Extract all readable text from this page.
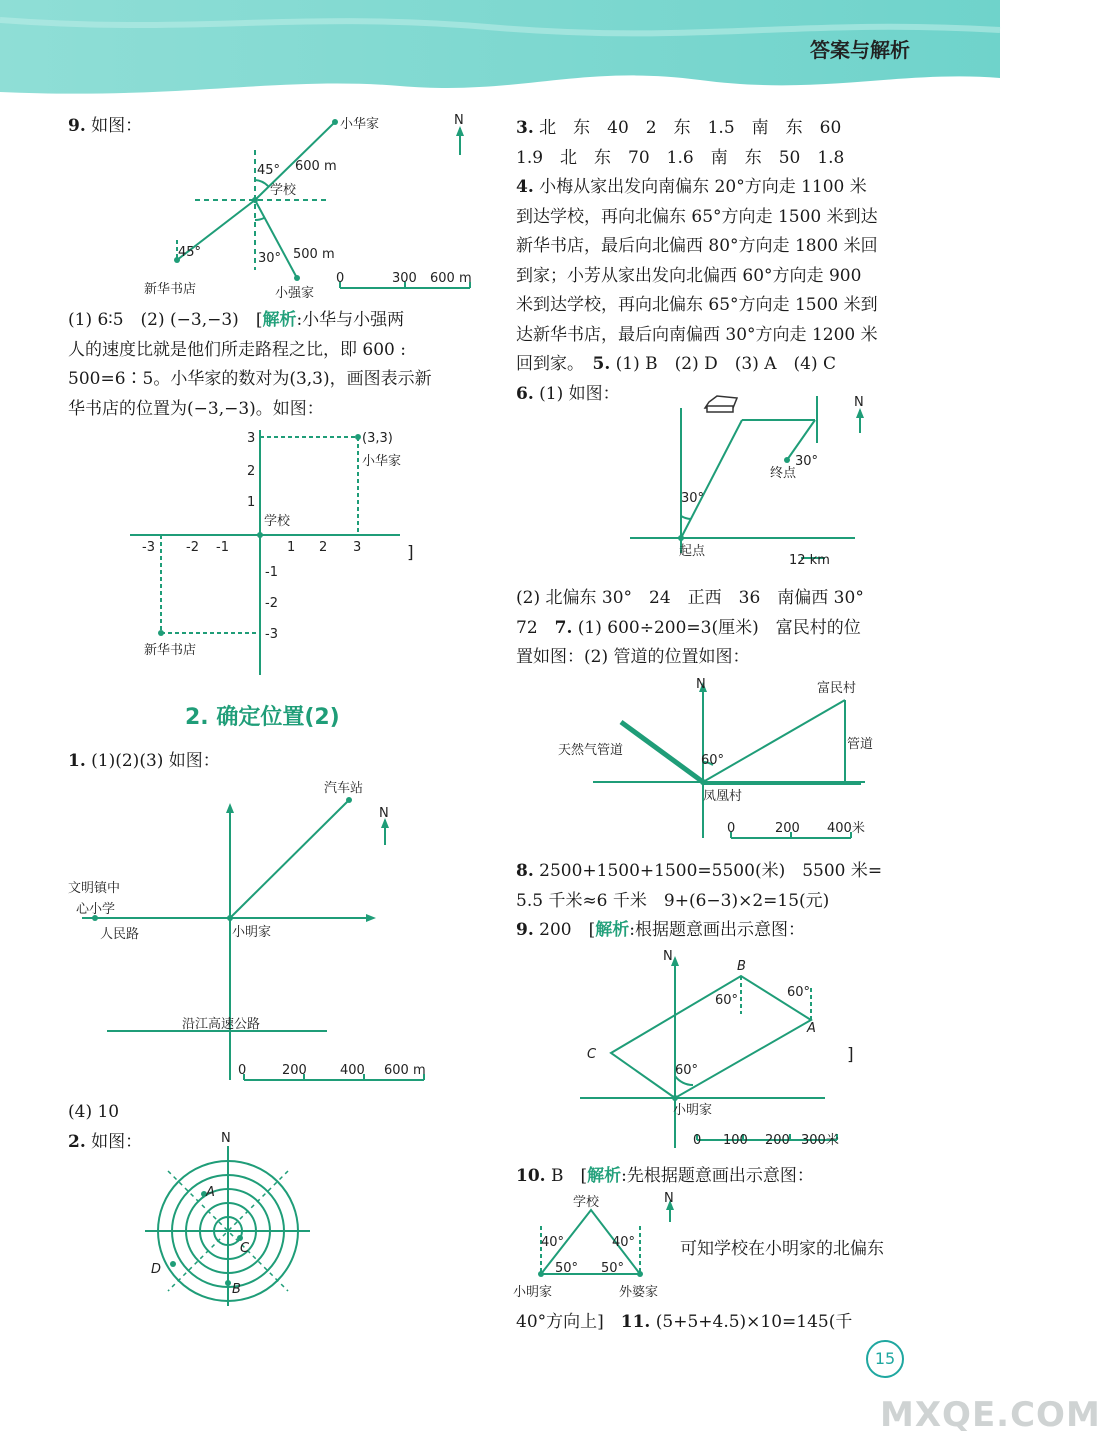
答案与解析

9. 如图：	小华家
600 m
45°
学校
45°	30° 500 m
新华书店	小强家
N
0	300 600 m

(1) 6∶5　(2) (−3,−3)　[解析:小华与小强两

人的速度比就是他们所走路程之比，即 600 :

500=6∶5。小华家的数对为(3,3)，画图表示新

华书店的位置为(−3,−3)。如图：

3
2
1
(3,3)
小华家
学校
-3 -2 -1	1 2 3
-1
-2
-3
新华书店
]
2. 确定位置(2)

1. (1)(2)(3) 如图：

汽车站
N
文明镇中
心小学
人民路	小明家
沿江高速公路
0	200	400 600 m

(4) 10

2. 如图：	N
A
C
D
B

3. 北　东　40　2　东　1.5　南　东　60

1.9　北　东　70　1.6　南　东　50　1.8

4. 小梅从家出发向南偏东 20°方向走 1100 米

到达学校，再向北偏东 65°方向走 1500 米到达

新华书店，最后向北偏西 80°方向走 1800 米回

到家；小芳从家出发向北偏西 60°方向走 900

米到达学校，再向北偏东 65°方向走 1500 米到

达新华书店，最后向南偏西 30°方向走 1200 米

回到家。　5. (1) B　(2) D　(3) A　(4) C

6. (1) 如图：	N
30°
30°
终点
起点
12 km

(2) 北偏东 30°　24　正西　36　南偏西 30°

72　7. (1) 600÷200=3(厘米)　富民村的位

置如图：(2) 管道的位置如图：

N	富民村
天然气管道	管道
60°
凤凰村
0	200 400米

8. 2500+1500+1500=5500(米)　5500 米=

5.5 千米≈6 千米　9+(6−3)×2=15(元)

9. 200　[解析:根据题意画出示意图：

N
B
60°
60°
A
C
60°
小明家
0 100 200 300米
]

10. B　[解析:先根据题意画出示意图：

学校	N
40°	40°
50° 50°
小明家	外婆家

可知学校在小明家的北偏东

40°方向上]　11. (5+5+4.5)×10=145(千

15
MXQE.COM
